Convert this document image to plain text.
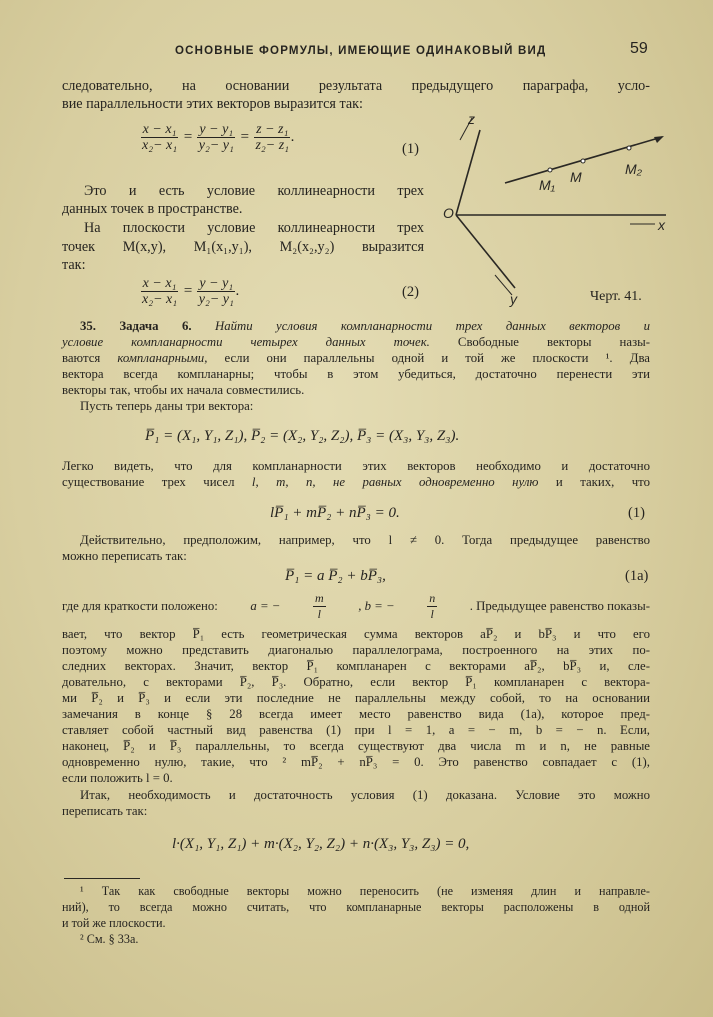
ОСНОВНЫЕ ФОРМУЛЫ, ИМЕЮЩИЕ ОДИНАКОВЫЙ ВИД	59
следовательно, на основании результата предыдущего параграфа, усло-
вие параллельности этих векторов выразится так:
$\frac{\text{x − x₁}}{\text{x₂− x₁}} = \frac{\text{y − y₁}}{\text{y₂− y₁}} = \frac{\text{z − z₁}}{\text{z₂− z₁}}$ .
(1)
Это и есть условие коллинеарности трех
данных точек в пространстве.
На плоскости условие коллинеарности трех
точек M(x,y), M₁(x₁,y₁), M₂(x₂,y₂) выразится
так:
$\frac{\text{x − x₁}}{\text{x₂− x₁}} = \frac{\text{y − y₁}}{\text{y₂− y₁}}$ .	(2)
z
x
y
O
M₁ M	M₂
Черт. 41.
35. Задача 6. Найти условия компланарности трех данных векторов и
условие компланарности четырех данных точек. Свободные векторы назы-
ваются компланарными, если они параллельны одной и той же плоскости ¹. Два
вектора всегда компланарны; чтобы в этом убедиться, достаточно перенести эти
векторы так, чтобы их начала совместились.
Пусть теперь даны три вектора:
P̅₁ = (X₁, Y₁, Z₁), P̅₂ = (X₂, Y₂, Z₂), P̅₃ = (X₃, Y₃, Z₃).
Легко видеть, что для компланарности этих векторов необходимо и достаточно
существование трех чисел l, m, n, не равных одновременно нулю и таких, что
lP̅₁ + mP̅₂ + nP̅₃ = 0.	(1)
Действительно, предположим, например, что l ≠ 0. Тогда предыдущее равенство
можно переписать так:
P̅₁ = a P̅₂ + bP̅₃,	(1a)
где для краткости положено:	a = −	$\frac{m}{l}$	, b = −	$\frac{n}{l}$	. Предыдущее равенство показы-
вает, что вектор P̅₁ есть геометрическая сумма векторов aP̅₂ и bP̅₃ и что его
поэтому можно представить диагональю параллелограма, построенного на этих по-
следних векторах. Значит, вектор P̅₁ компланарен с векторами aP̅₂, bP̅₃ и, сле-
довательно, с векторами P̅₂, P̅₃. Обратно, если вектор P̅₁ компланарен с вектора-
ми P̅₂ и P̅₃ и если эти последние не параллельны между собой, то на основании
замечания в конце § 28 всегда имеет место равенство вида (1a), которое пред-
ставляет собой частный вид равенства (1) при l = 1, a = − m, b = − n. Если,
наконец, P̅₂ и P̅₃ параллельны, то всегда существуют два числа m и n, не равные
одновременно нулю, такие, что ² mP̅₂ + nP̅₃ = 0. Это равенство совпадает с (1),
если положить l = 0.
Итак, необходимость и достаточность условия (1) доказана. Условие это можно
переписать так:
l·(X₁, Y₁, Z₁) + m·(X₂, Y₂, Z₂) + n·(X₃, Y₃, Z₃) = 0,
¹ Так как свободные векторы можно переносить (не изменяя длин и направле-
ний), то всегда можно считать, что компланарные векторы расположены в одной
и той же плоскости.
² См. § 33a.
